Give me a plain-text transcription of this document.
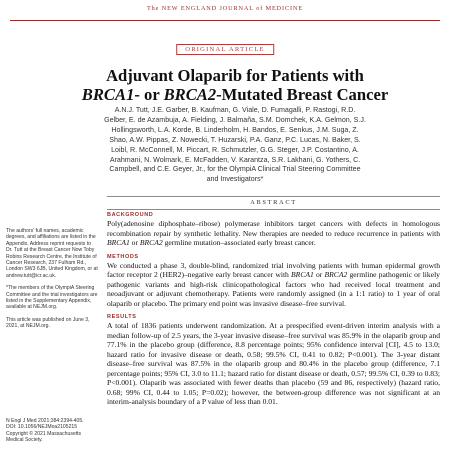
The NEW ENGLAND JOURNAL of MEDICINE
ORIGINAL ARTICLE
Adjuvant Olaparib for Patients with
BRCA1- or BRCA2-Mutated Breast Cancer
A.N.J. Tutt, J.E. Garber, B. Kaufman, G. Viale, D. Fumagalli, P. Rastogi, R.D. Gelber, E. de Azambuja, A. Fielding, J. Balmaña, S.M. Domchek, K.A. Gelmon, S.J. Hollingsworth, L.A. Korde, B. Linderholm, H. Bandos, E. Senkus, J.M. Suga, Z. Shao, A.W. Pippas, Z. Nowecki, T. Huzarski, P.A. Ganz, P.C. Lucas, N. Baker, S. Loibl, R. McConnell, M. Piccart, R. Schmutzler, G.G. Steger, J.P. Costantino, A. Arahmani, N. Wolmark, E. McFadden, V. Karantza, S.R. Lakhani, G. Yothers, C. Campbell, and C.E. Geyer, Jr., for the OlympiA Clinical Trial Steering Committee and Investigators*

The authors' full names, academic degrees, and affiliations are listed in the Appendix. Address reprint requests to Dr. Tutt at the Breast Cancer Now Toby Robins Research Centre, the Institute of Cancer Research, 237 Fulham Rd., London SW3 6JB, United Kingdom, or at andrew.tutt@icr.ac.uk.

*The members of the OlympiA Steering Committee and the trial investigators are listed in the Supplementary Appendix, available at NEJM.org.

This article was published on June 3, 2021, at NEJM.org.

N Engl J Med 2021;384:2394-405.
DOI: 10.1056/NEJMoa2105215
Copyright © 2021 Massachusetts Medical Society.
ABSTRACT
BACKGROUND

Poly(adenosine diphosphate–ribose) polymerase inhibitors target cancers with defects in homologous recombination repair by synthetic lethality. New therapies are needed to reduce recurrence in patients with BRCA1 or BRCA2 germline mutation–associated early breast cancer.

METHODS

We conducted a phase 3, double-blind, randomized trial involving patients with human epidermal growth factor receptor 2 (HER2)–negative early breast cancer with BRCA1 or BRCA2 germline pathogenic or likely pathogenic variants and high-risk clinicopathological factors who had received local treatment and neoadjuvant or adjuvant chemotherapy. Patients were randomly assigned (in a 1:1 ratio) to 1 year of oral olaparib or placebo. The primary end point was invasive disease–free survival.

RESULTS

A total of 1836 patients underwent randomization. At a prespecified event-driven interim analysis with a median follow-up of 2.5 years, the 3-year invasive disease–free survival was 85.9% in the olaparib group and 77.1% in the placebo group (difference, 8.8 percentage points; 95% confidence interval [CI], 4.5 to 13.0; hazard ratio for invasive disease or death, 0.58; 99.5% CI, 0.41 to 0.82; P<0.001). The 3-year distant disease–free survival was 87.5% in the olaparib group and 80.4% in the placebo group (difference, 7.1 percentage points; 95% CI, 3.0 to 11.1; hazard ratio for distant disease or death, 0.57; 99.5% CI, 0.39 to 0.83; P<0.001). Olaparib was associated with fewer deaths than placebo (59 and 86, respectively) (hazard ratio, 0.68; 99% CI, 0.44 to 1.05; P=0.02); however, the between-group difference was not significant at an interim-analysis boundary of a P value of less than 0.01.
